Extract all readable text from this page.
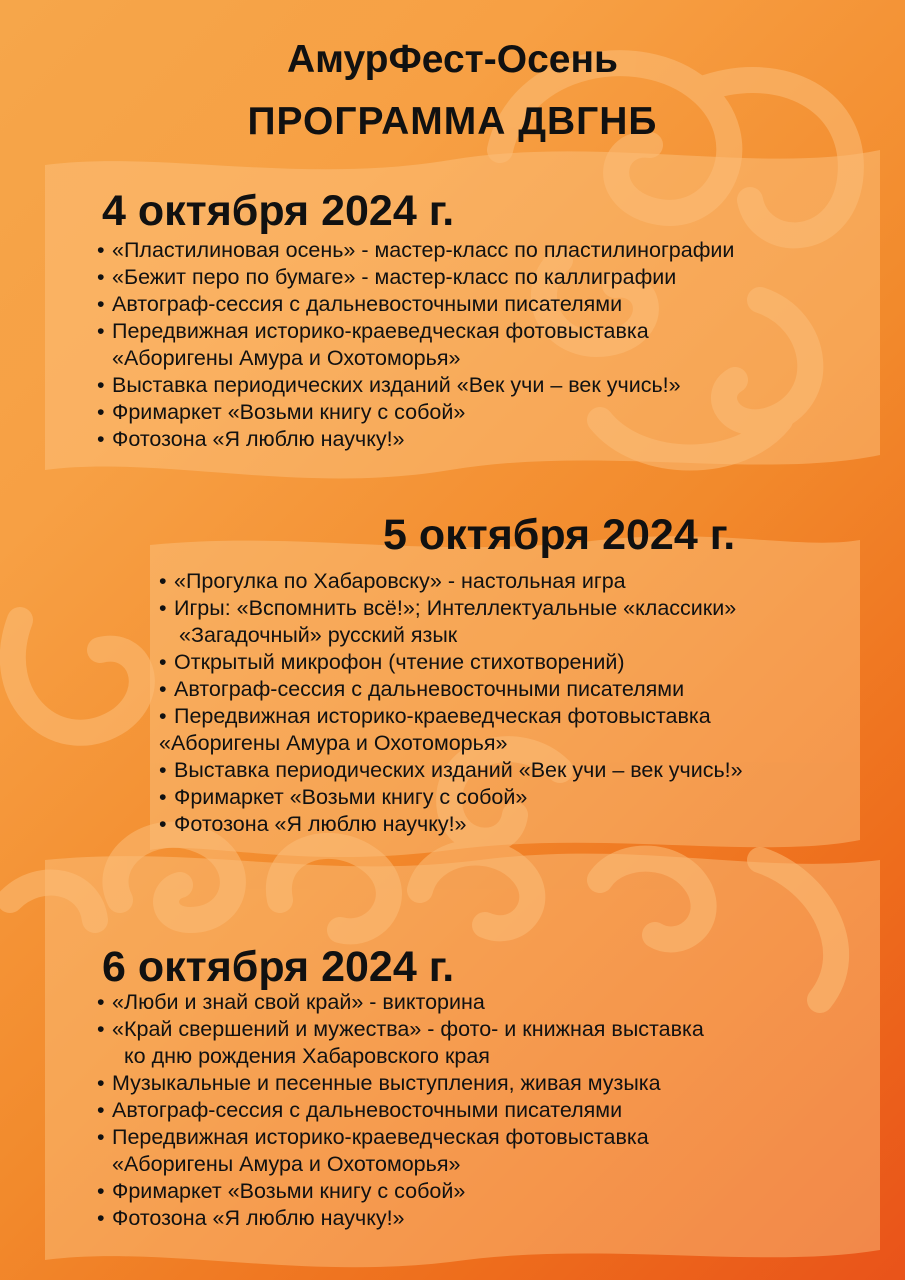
АмурФест-Осень
ПРОГРАММА ДВГНБ
4 октября 2024 г.
• «Пластилиновая осень» - мастер-класс по пластилинографии
• «Бежит перо по бумаге» - мастер-класс по каллиграфии
• Автограф-сессия с дальневосточными писателями
• Передвижная историко-краеведческая фотовыставка
«Аборигены Амура и Охотоморья»
• Выставка периодических изданий «Век учи – век учись!»
• Фримаркет «Возьми книгу с собой»
• Фотозона «Я люблю научку!»
5 октября 2024 г.
• «Прогулка по Хабаровску» - настольная игра
• Игры: «Вспомнить всё!»; Интеллектуальные «классики»
«Загадочный» русский язык
• Открытый микрофон (чтение стихотворений)
• Автограф-сессия с дальневосточными писателями
• Передвижная историко-краеведческая фотовыставка
«Аборигены Амура и Охотоморья»
• Выставка периодических изданий «Век учи – век учись!»
• Фримаркет «Возьми книгу с собой»
• Фотозона «Я люблю научку!»
6 октября 2024 г.
• «Люби и знай свой край» - викторина
• «Край свершений и мужества» - фото- и книжная выставка
ко дню рождения Хабаровского края
• Музыкальные и песенные выступления, живая музыка
• Автограф-сессия с дальневосточными писателями
• Передвижная историко-краеведческая фотовыставка
«Аборигены Амура и Охотоморья»
• Фримаркет «Возьми книгу с собой»
• Фотозона «Я люблю научку!»
